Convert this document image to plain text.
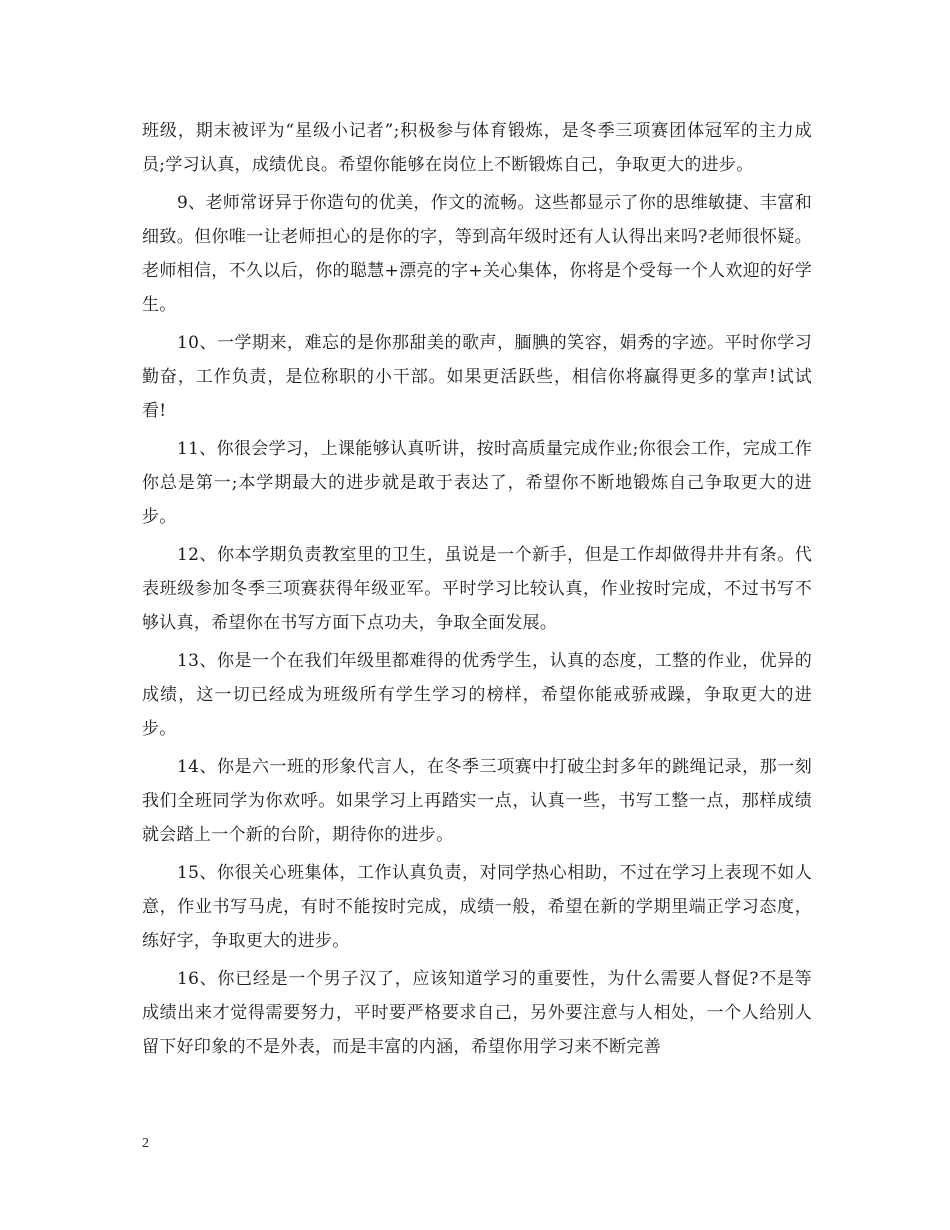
班级，期末被评为“星级小记者”;积极参与体育锻炼，是冬季三项赛团体冠军的主力成员;学习认真，成绩优良。希望你能够在岗位上不断锻炼自己，争取更大的进步。

9、老师常讶异于你造句的优美，作文的流畅。这些都显示了你的思维敏捷、丰富和细致。但你唯一让老师担心的是你的字，等到高年级时还有人认得出来吗?老师很怀疑。老师相信，不久以后，你的聪慧+漂亮的字+关心集体，你将是个受每一个人欢迎的好学生。

10、一学期来，难忘的是你那甜美的歌声，腼腆的笑容，娟秀的字迹。平时你学习勤奋，工作负责，是位称职的小干部。如果更活跃些，相信你将赢得更多的掌声!试试看!

11、你很会学习，上课能够认真听讲，按时高质量完成作业;你很会工作，完成工作你总是第一;本学期最大的进步就是敢于表达了，希望你不断地锻炼自己争取更大的进步。

12、你本学期负责教室里的卫生，虽说是一个新手，但是工作却做得井井有条。代表班级参加冬季三项赛获得年级亚军。平时学习比较认真，作业按时完成，不过书写不够认真，希望你在书写方面下点功夫，争取全面发展。

13、你是一个在我们年级里都难得的优秀学生，认真的态度，工整的作业，优异的成绩，这一切已经成为班级所有学生学习的榜样，希望你能戒骄戒躁，争取更大的进步。

14、你是六一班的形象代言人，在冬季三项赛中打破尘封多年的跳绳记录，那一刻我们全班同学为你欢呼。如果学习上再踏实一点，认真一些，书写工整一点，那样成绩就会踏上一个新的台阶，期待你的进步。

15、你很关心班集体，工作认真负责，对同学热心相助，不过在学习上表现不如人意，作业书写马虎，有时不能按时完成，成绩一般，希望在新的学期里端正学习态度，练好字，争取更大的进步。

16、你已经是一个男子汉了，应该知道学习的重要性，为什么需要人督促?不是等成绩出来才觉得需要努力，平时要严格要求自己，另外要注意与人相处，一个人给别人留下好印象的不是外表，而是丰富的内涵，希望你用学习来不断完善

2
